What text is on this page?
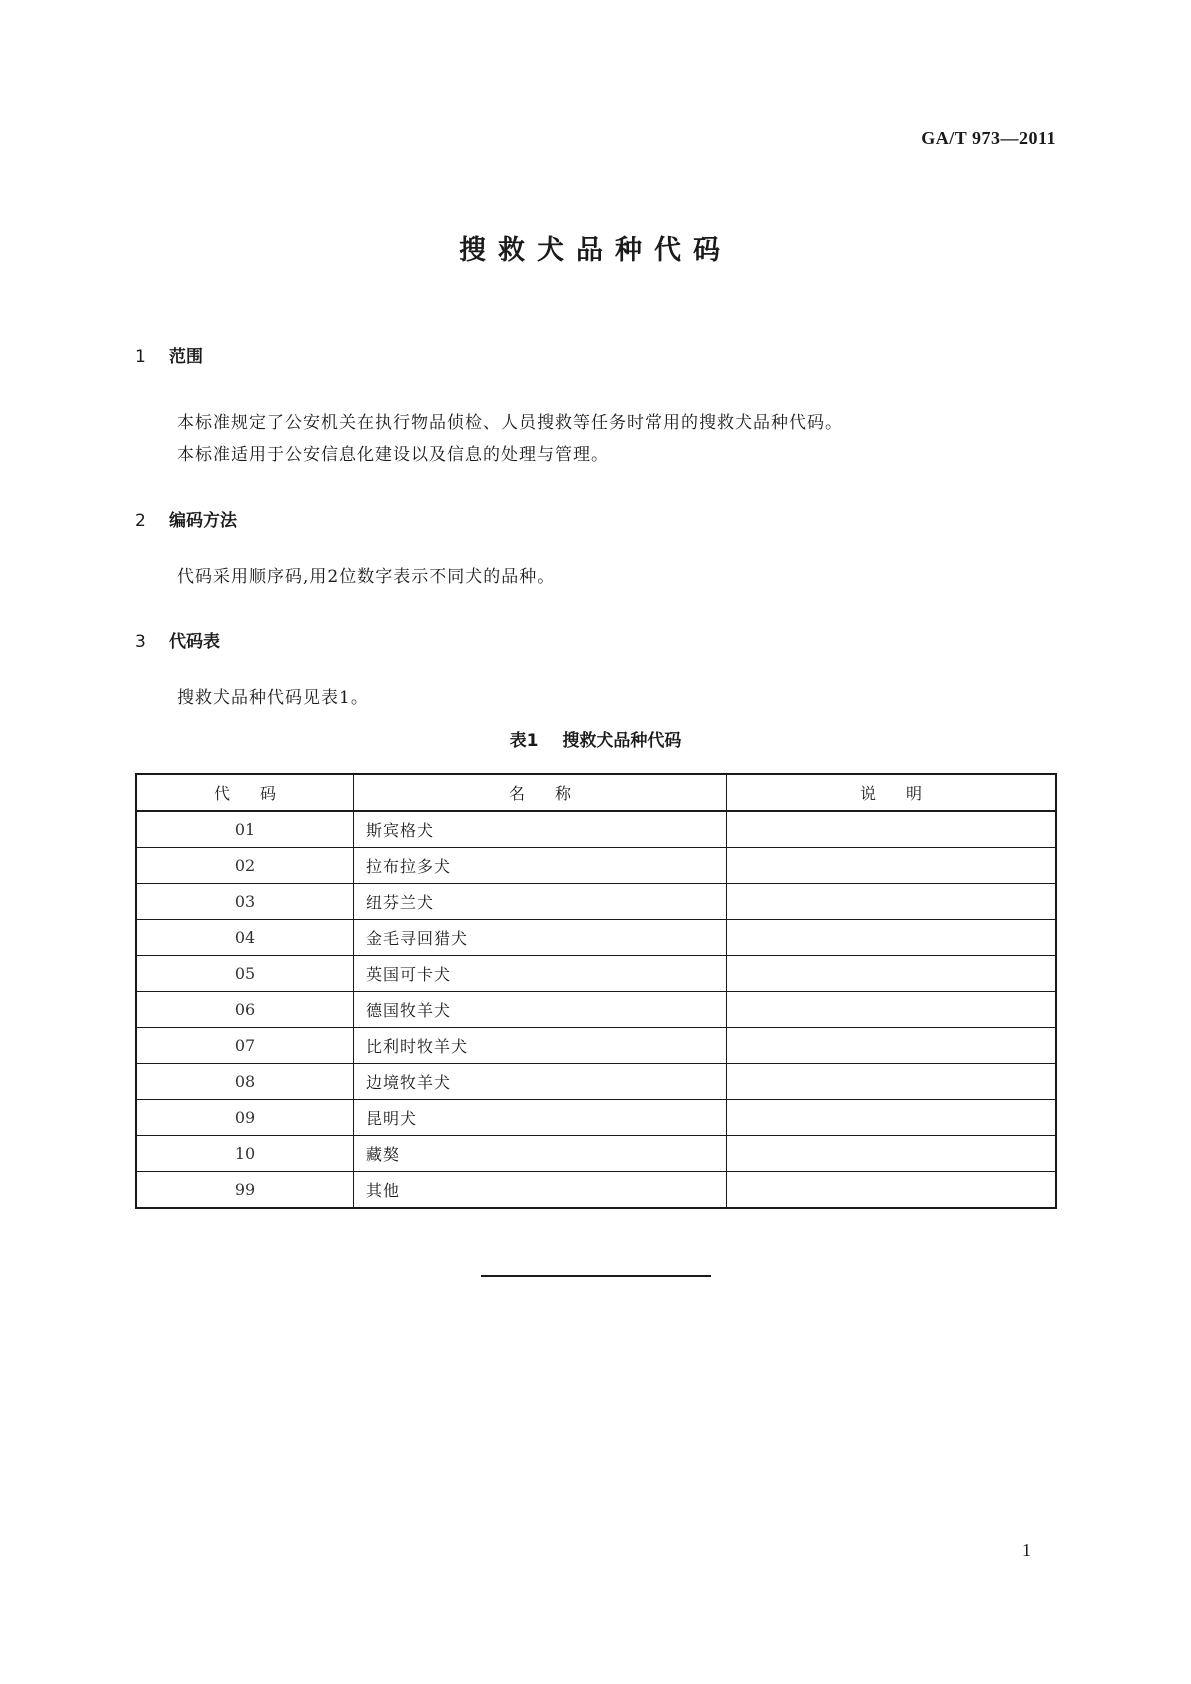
GA/T 973—2011
搜救犬品种代码
1 范围
本标准规定了公安机关在执行物品侦检、人员搜救等任务时常用的搜救犬品种代码。
本标准适用于公安信息化建设以及信息的处理与管理。
2 编码方法
代码采用顺序码,用2位数字表示不同犬的品种。
3 代码表
搜救犬品种代码见表1。
表1 搜救犬品种代码
代码	名称	说明
01	斯宾格犬	
02	拉布拉多犬	
03	纽芬兰犬	
04	金毛寻回猎犬	
05	英国可卡犬	
06	德国牧羊犬	
07	比利时牧羊犬	
08	边境牧羊犬	
09	昆明犬	
10	藏獒	
99	其他	
1
